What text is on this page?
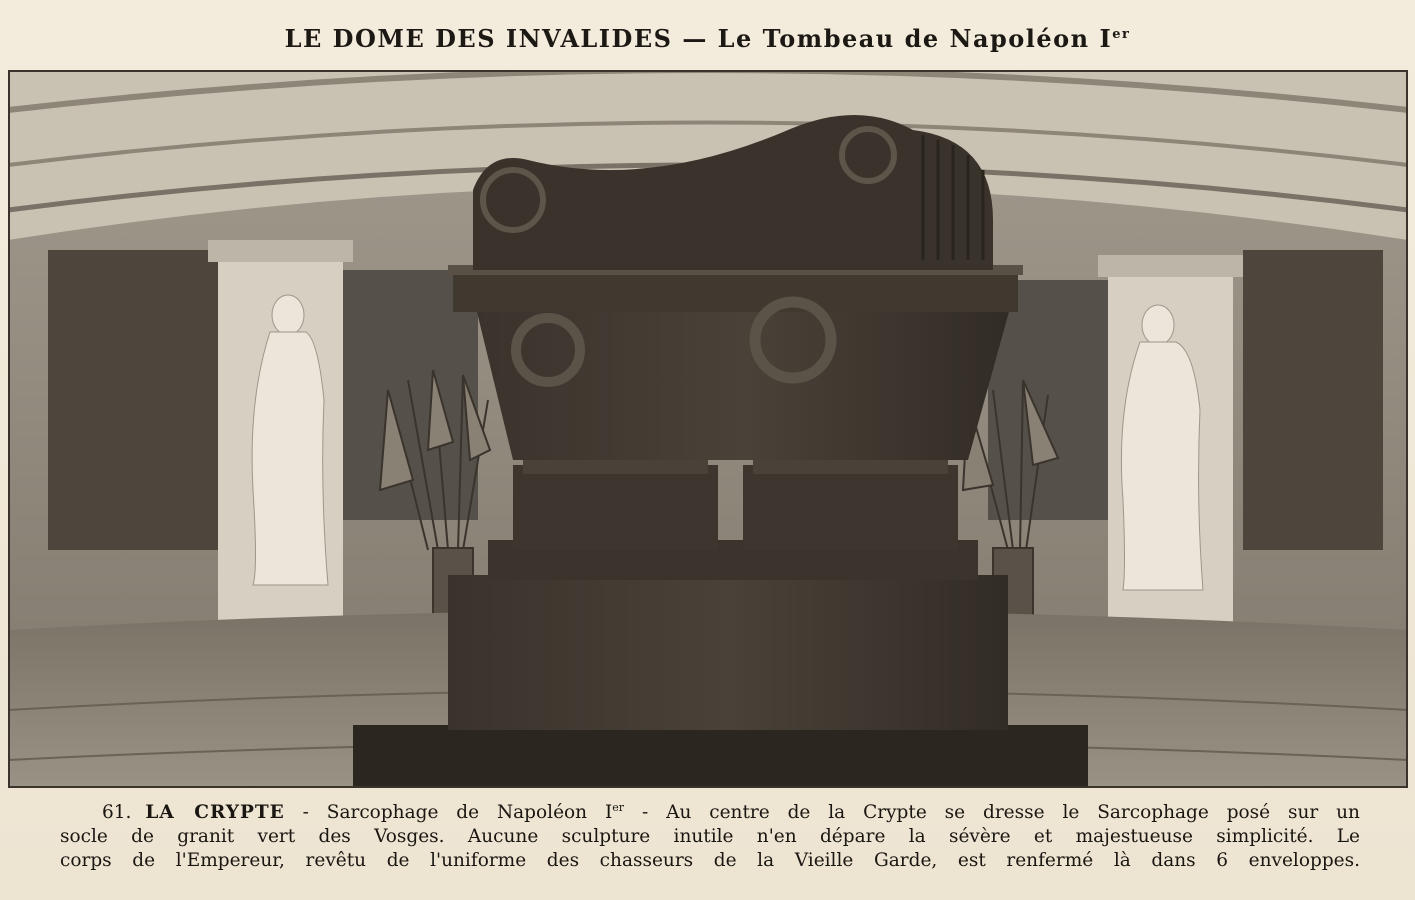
LE DOME DES INVALIDES — Le Tombeau de Napoléon Ier

61. LA CRYPTE - Sarcophage de Napoléon Ier - Au centre de la Crypte se dresse le Sarcophage posé sur un

socle de granit vert des Vosges. Aucune sculpture inutile n'en dépare la sévère et majestueuse simplicité. Le

corps de l'Empereur, revêtu de l'uniforme des chasseurs de la Vieille Garde, est renfermé là dans 6 enveloppes.
